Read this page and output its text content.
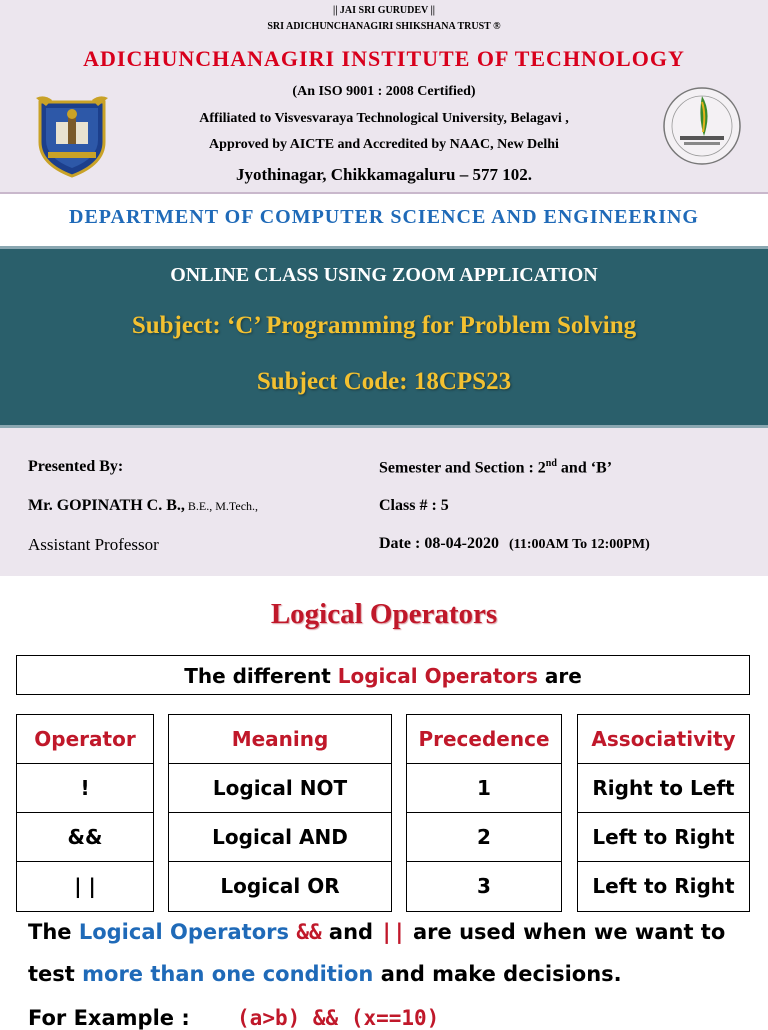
|| JAI SRI GURUDEV ||
SRI ADICHUNCHANAGIRI SHIKSHANA TRUST ®
ADICHUNCHANAGIRI INSTITUTE OF TECHNOLOGY
(An ISO 9001 : 2008 Certified)
Affiliated to Visvesvaraya Technological University, Belagavi ,
Approved by AICTE and Accredited by NAAC, New Delhi
Jyothinagar, Chikkamagaluru – 577 102.
DEPARTMENT OF COMPUTER SCIENCE AND ENGINEERING
ONLINE CLASS USING ZOOM APPLICATION
Subject: ‘C’ Programming for Problem Solving
Subject Code: 18CPS23
Presented By:
Mr. GOPINATH C. B., B.E., M.Tech.,
Assistant Professor
Semester and Section : 2nd and ‘B’
Class # : 5
Date : 08-04-2020 (11:00AM To 12:00PM)
Logical Operators
The different Logical Operators are
Operator
!
&&
| |
Meaning
Logical NOT
Logical AND
Logical OR
Precedence
1
2
3
Associativity
Right to Left
Left to Right
Left to Right
The Logical Operators && and || are used when we want to
test more than one condition and make decisions.
For Example : (a>b) && (x==10)
